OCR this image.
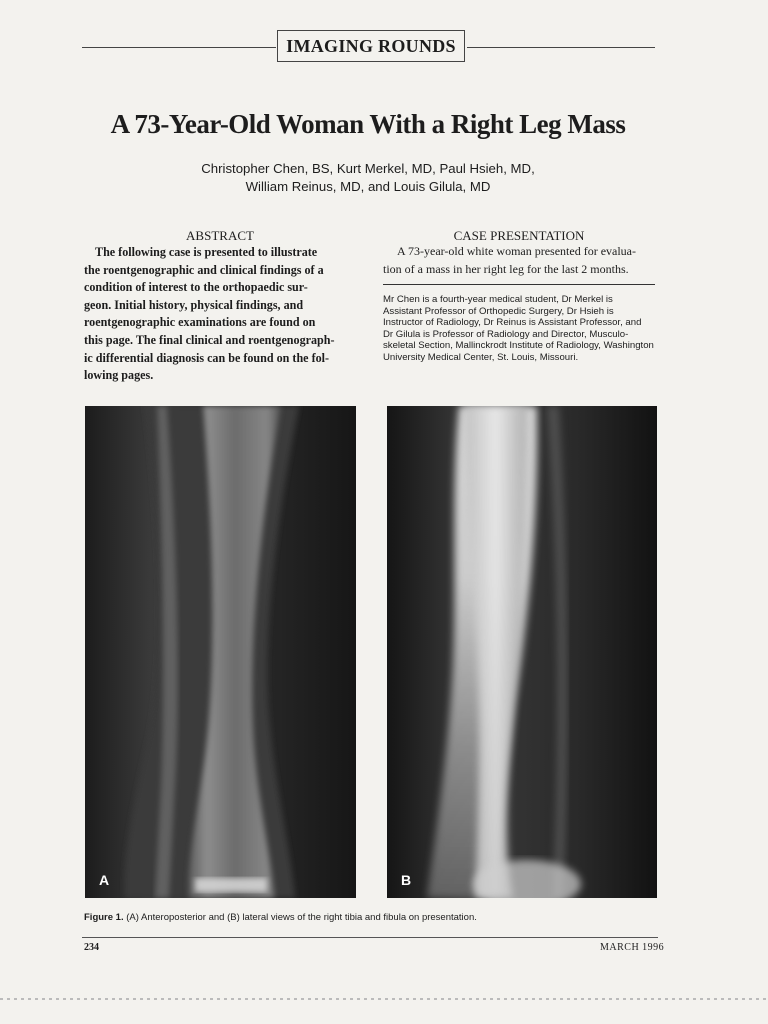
IMAGING ROUNDS
A 73-Year-Old Woman With a Right Leg Mass
Christopher Chen, BS, Kurt Merkel, MD, Paul Hsieh, MD,
William Reinus, MD, and Louis Gilula, MD
ABSTRACT
The following case is presented to illustrate
the roentgenographic and clinical findings of a
condition of interest to the orthopaedic sur-
geon. Initial history, physical findings, and
roentgenographic examinations are found on
this page. The final clinical and roentgenograph-
ic differential diagnosis can be found on the fol-
lowing pages.
CASE PRESENTATION
A 73-year-old white woman presented for evalua-
tion of a mass in her right leg for the last 2 months.
Mr Chen is a fourth-year medical student, Dr Merkel is
Assistant Professor of Orthopedic Surgery, Dr Hsieh is
Instructor of Radiology, Dr Reinus is Assistant Professor, and
Dr Gilula is Professor of Radiology and Director, Musculo-
skeletal Section, Mallinckrodt Institute of Radiology, Washington
University Medical Center, St. Louis, Missouri.
A	B
Figure 1. (A) Anteroposterior and (B) lateral views of the right tibia and fibula on presentation.
234	MARCH 1996
